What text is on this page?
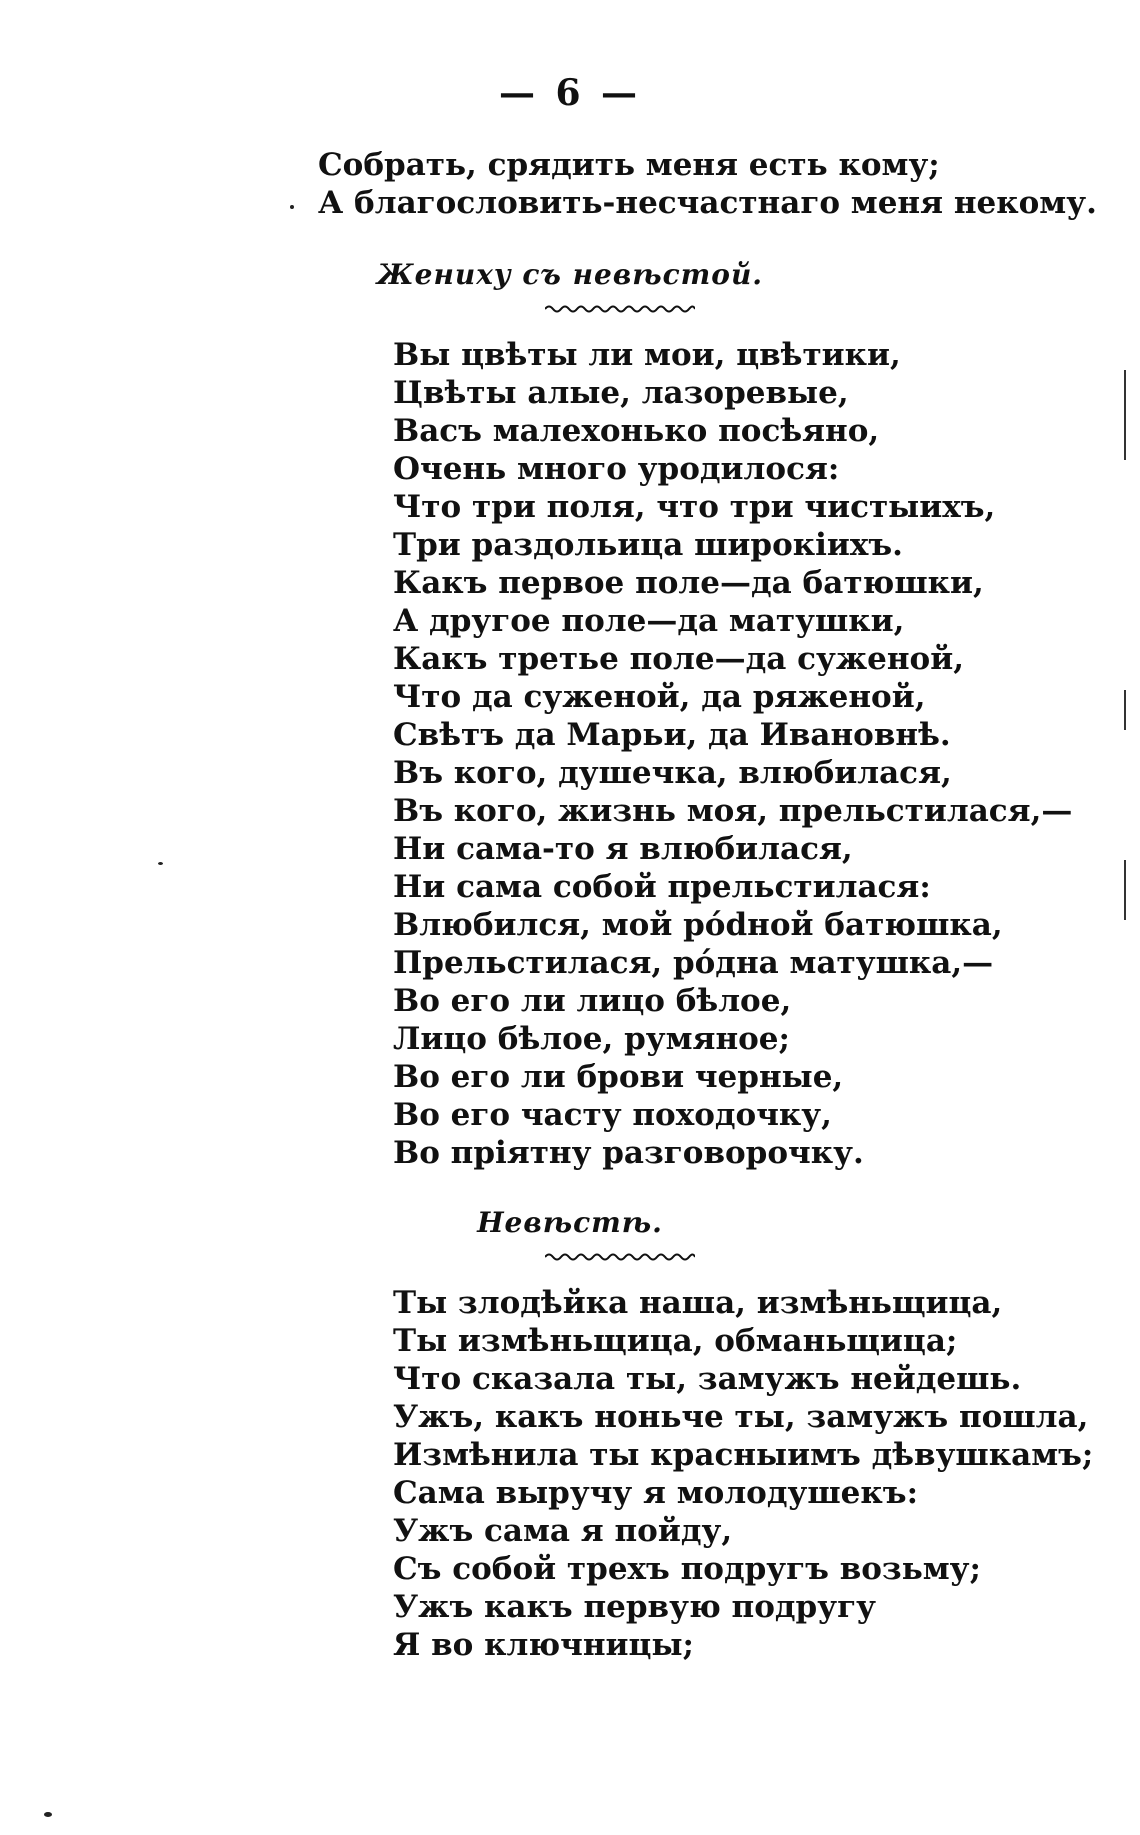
— 6 —
Собрать, срядить меня есть кому;
А благословить-несчастнаго меня некому.
Жениху съ невѣстой.
Вы цвѣты ли мои, цвѣтики,
Цвѣты алые, лазоревые,
Васъ малехонько посѣяно,
Очень много уродилося:
Что три поля, что три чистыихъ,
Три раздольица широкіихъ.
Какъ первое поле—да батюшки,
А другое поле—да матушки,
Какъ третье поле—да суженой,
Что да суженой, да ряженой,
Свѣтъ да Марьи, да Ивановнѣ.
Въ кого, душечка, влюбилася,
Въ кого, жизнь моя, прельстилася,—
Ни сама-то я влюбилася,
Ни сама собой прельстилася:
Влюбился, мой рódной батюшка,
Прельстилася, рóдна матушка,—
Во его ли лицо бѣлое,
Лицо бѣлое, румяное;
Во его ли брови черные,
Во его часту походочку,
Во пріятну разговорочку.
Невѣстѣ.
Ты злодѣйка наша, измѣньщица,
Ты измѣньщица, обманьщица;
Что сказала ты, замужъ нейдешь.
Ужъ, какъ ноньче ты, замужъ пошла,
Измѣнила ты красныимъ дѣвушкамъ;
Сама выручу я молодушекъ:
Ужъ сама я пойду,
Съ собой трехъ подругъ возьму;
Ужъ какъ первую подругу
Я во ключницы;
